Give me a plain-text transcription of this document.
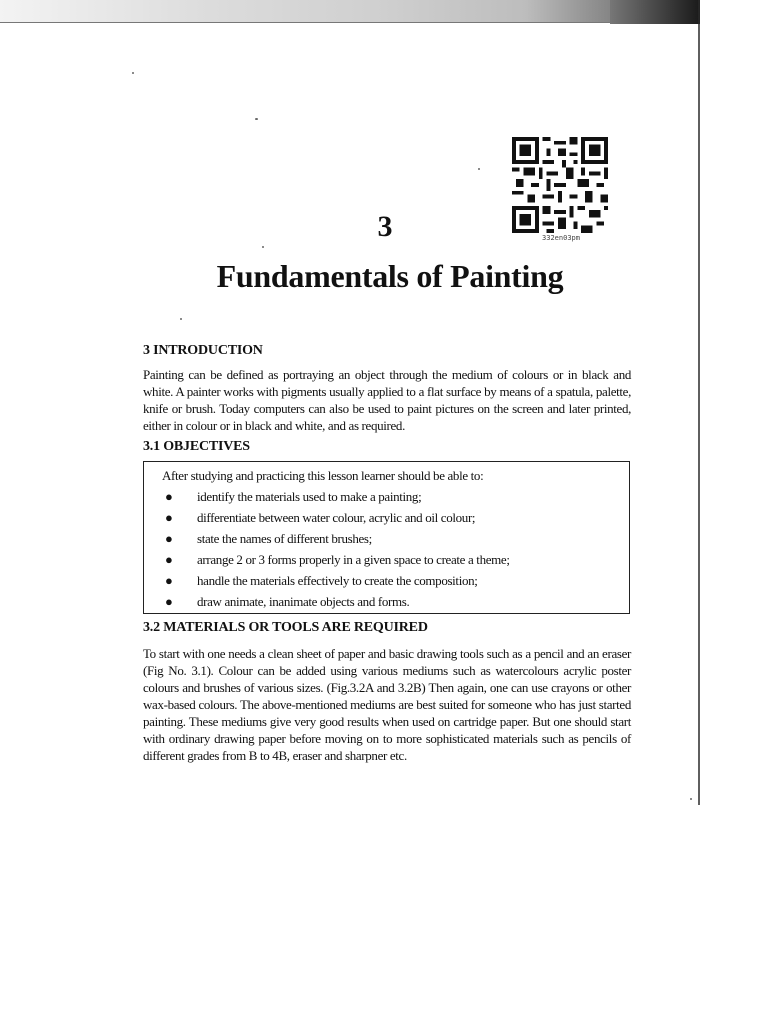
332en03pm
3
Fundamentals of Painting
3 INTRODUCTION

Painting can be defined as portraying an object through the medium of colours or in black and white. A painter works with pigments usually applied to a flat surface by means of a spatula, palette, knife or brush. Today computers can also be used to paint pictures on the screen and later printed, either in colour or in black and white, and as required.

3.1 OBJECTIVES
After studying and practicing this lesson learner should be able to:
● identify the materials used to make a painting;
● differentiate between water colour, acrylic and oil colour;
● state the names of different brushes;
● arrange 2 or 3 forms properly in a given space to create a theme;
● handle the materials effectively to create the composition;
● draw animate, inanimate objects and forms.
3.2 MATERIALS OR TOOLS ARE REQUIRED

To start with one needs a clean sheet of paper and basic drawing tools such as a pencil and an eraser (Fig No. 3.1). Colour can be added using various mediums such as watercolours acrylic poster colours and brushes of various sizes. (Fig.3.2A and 3.2B) Then again, one can use crayons or other wax-based colours. The above-mentioned mediums are best suited for someone who has just started painting. These mediums give very good results when used on cartridge paper. But one should start with ordinary drawing paper before moving on to more sophisticated materials such as pencils of different grades from B to 4B, eraser and sharpner etc.
